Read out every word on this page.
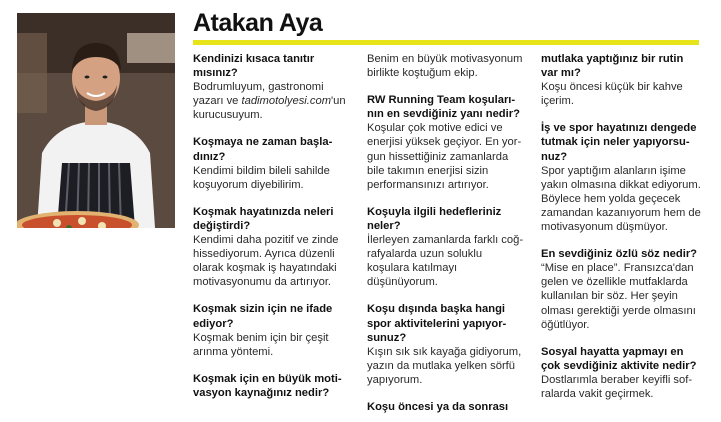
Atakan Aya

Kendinizi kısaca tanıtır mısınız?

Bodrumluyum, gastronomi yazarı ve tadimotolyesi.com'un kurucusuyum.

Koşmaya ne zaman başladınız?

Kendimi bildim bileli sahilde koşuyorum diyebilirim.

Koşmak hayatınızda neleri değiştirdi?

Kendimi daha pozitif ve zinde hissediyorum. Ayrıca düzenli olarak koşmak iş hayatındaki motivasyonumu da artırıyor.

Koşmak sizin için ne ifade ediyor?

Koşmak benim için bir çeşit arınma yöntemi.

Koşmak için en büyük motivasyon kaynağınız nedir?

Benim en büyük motivasyonum birlikte koştuğum ekip.

RW Running Team koşularının en sevdiğiniz yanı nedir?

Koşular çok motive edici ve enerjisi yüksek geçiyor. En yorgun hissettiğiniz zamanlarda bile takımın enerjisi sizin performansınızı artırıyor.

Koşuyla ilgili hedefleriniz neler?

İlerleyen zamanlarda farklı coğrafyalarda uzun soluklu koşulara katılmayı düşünüyorum.

Koşu dışında başka hangi spor aktivitelerini yapıyorsunuz?

Kışın sık sık kayağa gidiyorum, yazın da mutlaka yelken sörfü yapıyorum.

Koşu öncesi ya da sonrası

mutlaka yaptığınız bir rutin var mı?

Koşu öncesi küçük bir kahve içerim.

İş ve spor hayatınızı dengede tutmak için neler yapıyorsunuz?

Spor yaptığım alanların işime yakın olmasına dikkat ediyorum. Böylece hem yolda geçecek zamandan kazanıyorum hem de motivasyonum düşmüyor.

En sevdiğiniz özlü söz nedir?

“Mise en place”. Fransızca'dan gelen ve özellikle mutfaklarda kullanılan bir söz. Her şeyin olması gerektiği yerde olmasını öğütlüyor.

Sosyal hayatta yapmayı en çok sevdiğiniz aktivite nedir?

Dostlarımla beraber keyifli sofralarda vakit geçirmek.
